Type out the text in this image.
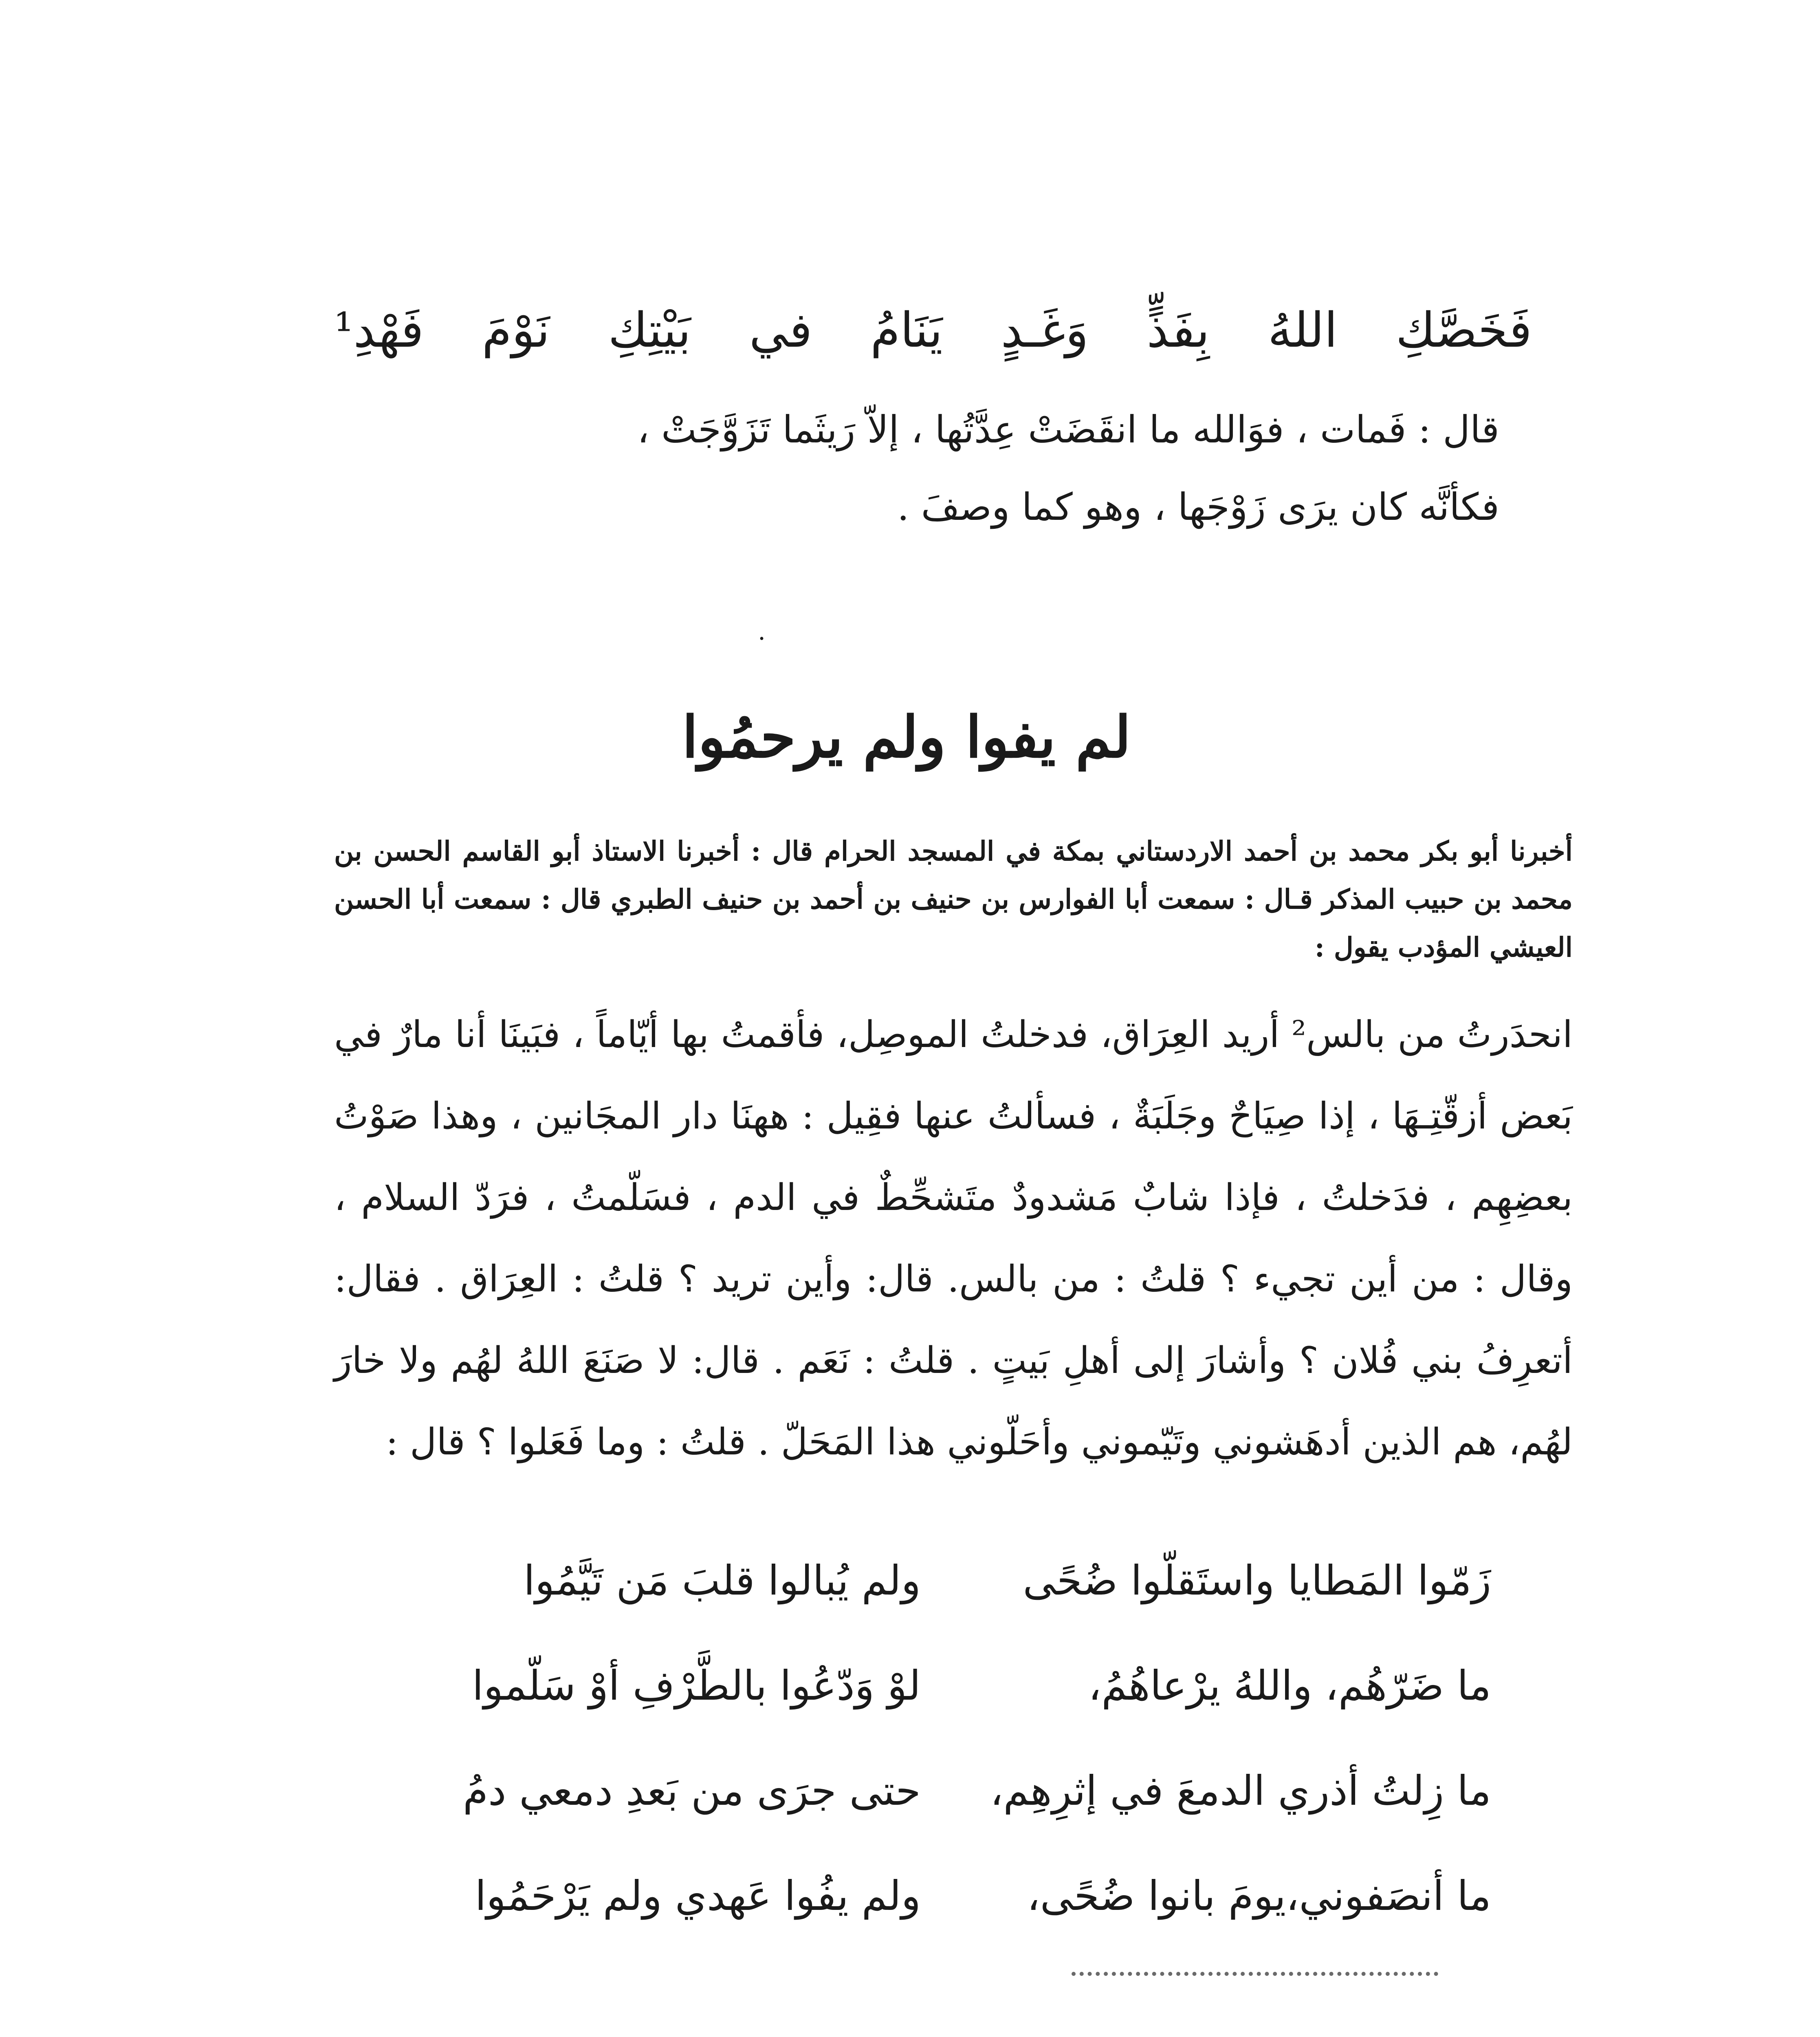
فَخَصَّكِ اللهُ بِفَذٍّ وَغَـدٍ يَنَامُ في بَيْتِكِ نَوْمَ فَهْدِ¹

قال : فَمات ، فوَالله ما انقَضَتْ عِدَّتُها ، إلاّ رَيثَما تَزَوَّجَتْ ،

فكأنَّه كان يرَى زَوْجَها ، وهو كما وصفَ .

.
لم يفوا ولم يرحمُوا
أخبرنا أبو بكر محمد بن أحمد الاردستاني بمكة في المسجد الحرام قال : أخبرنا الاستاذ أبو القاسم الحسن بن محمد بن حبيب المذكر قـال : سمعت أبا الفوارس بن حنيف بن أحمد بن حنيف الطبري قال : سمعت أبا الحسن العيشي المؤدب يقول :

انحدَرتُ من بالس² أريد العِرَاق، فدخلتُ الموصِل، فأقمتُ بها أيّاماً ، فبَينَا أنا مارٌ في بَعض أزقّتِـهَا ، إذا صِيَاحٌ وجَلَبَةٌ ، فسألتُ عنها فقِيل : ههنَا دار المجَانين ، وهذا صَوْتُ بعضِهِم ، فدَخلتُ ، فإذا شابٌ مَشدودٌ متَشحِّطٌ في الدم ، فسَلّمتُ ، فرَدّ السلام ، وقال : من أين تجيء ؟ قلتُ : من بالس. قال: وأين تريد ؟ قلتُ : العِرَاق . فقال: أتعرِفُ بني فُلان ؟ وأشارَ إلى أهلِ بَيتٍ . قلتُ : نَعَم . قال: لا صَنَعَ اللهُ لهُم ولا خارَ لهُم، هم الذين أدهَشوني وتَيّموني وأحَلّوني هذا المَحَلّ . قلتُ : وما فَعَلوا ؟ قال :

زَمّوا المَطايا واستَقلّوا ضُحًى
ولم يُبالوا قلبَ مَن تَيَّمُوا
ما ضَرّهُم، واللهُ يرْعاهُمُ،
لوْ وَدّعُوا بالطَّرْفِ أوْ سَلّموا
ما زِلتُ أذري الدمعَ في إثرِهِم،
حتى جرَى من بَعدِ دمعي دمُ
ما أنصَفوني،يومَ بانوا ضُحًى،
ولم يفُوا عَهدي ولم يَرْحَمُوا
